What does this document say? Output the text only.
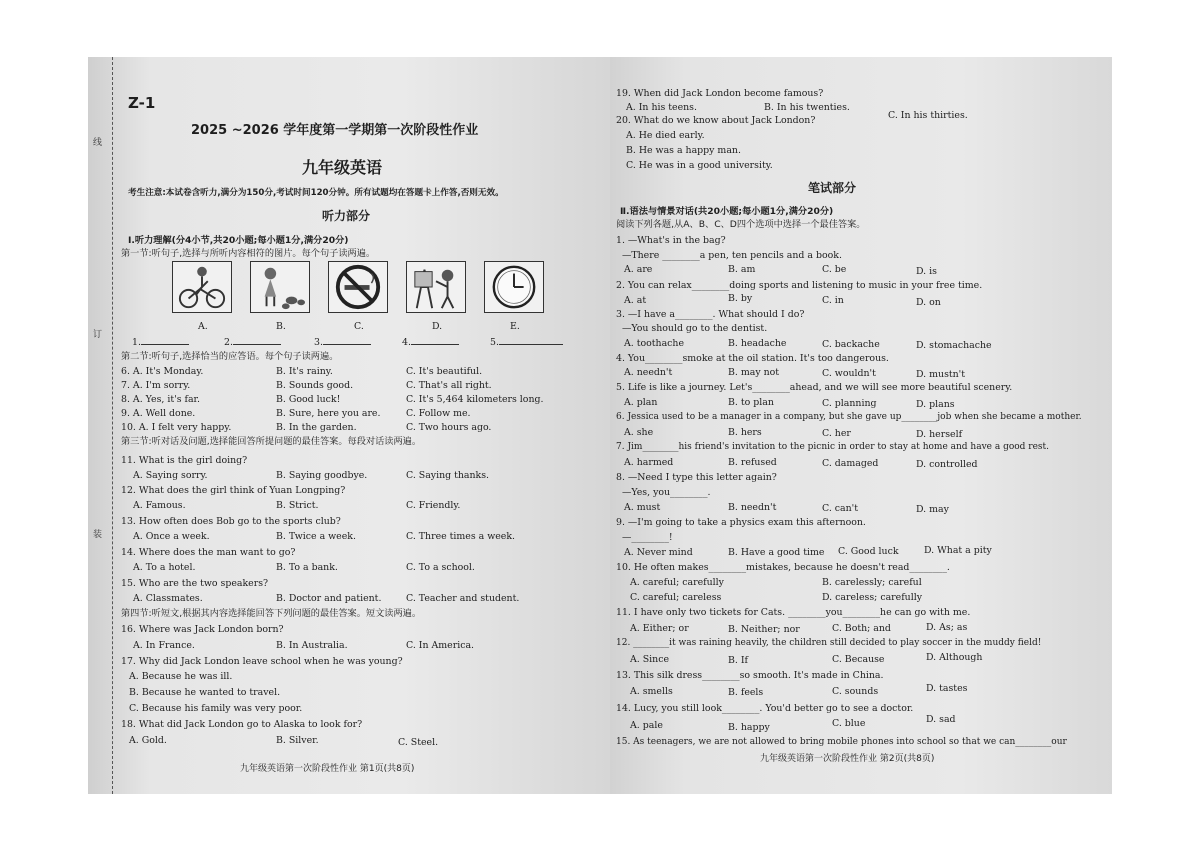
线
订
装
Z-1
2025 ~2026 学年度第一学期第一次阶段性作业
九年级英语
考生注意:本试卷含听力,满分为150分,考试时间120分钟。所有试题均在答题卡上作答,否则无效。
听力部分
Ⅰ.听力理解(分4小节,共20小题;每小题1分,满分20分)
第一节:听句子,选择与所听内容相符的图片。每个句子读两遍。
A.	B.	C.	D.	E.
1.	2.	3.	4.	5.
第二节:听句子,选择恰当的应答语。每个句子读两遍。
6. A. It's Monday.	B. It's rainy.	C. It's beautiful.
7. A. I'm sorry.	B. Sounds good.	C. That's all right.
8. A. Yes, it's far.	B. Good luck!	C. It's 5,464 kilometers long.
9. A. Well done.	B. Sure, here you are.	C. Follow me.
10. A. I felt very happy.	B. In the garden.	C. Two hours ago.
第三节:听对话及问题,选择能回答所提问题的最佳答案。每段对话读两遍。
11. What is the girl doing?
A. Saying sorry.	B. Saying goodbye.	C. Saying thanks.
12. What does the girl think of Yuan Longping?
A. Famous.	B. Strict.	C. Friendly.
13. How often does Bob go to the sports club?
A. Once a week.	B. Twice a week.	C. Three times a week.
14. Where does the man want to go?
A. To a hotel.	B. To a bank.	C. To a school.
15. Who are the two speakers?
A. Classmates.	B. Doctor and patient.	C. Teacher and student.
第四节:听短文,根据其内容选择能回答下列问题的最佳答案。短文读两遍。
16. Where was Jack London born?
A. In France.	B. In Australia.	C. In America.
17. Why did Jack London leave school when he was young?
A. Because he was ill.
B. Because he wanted to travel.
C. Because his family was very poor.
18. What did Jack London go to Alaska to look for?
A. Gold.	B. Silver.	C. Steel.
九年级英语第一次阶段性作业 第1页(共8页)
19. When did Jack London become famous?
A. In his teens.	B. In his twenties.
C. In his thirties.
20. What do we know about Jack London?
A. He died early.
B. He was a happy man.
C. He was in a good university.
笔试部分
Ⅱ.语法与情景对话(共20小题;每小题1分,满分20分)
阅读下列各题,从A、B、C、D四个选项中选择一个最佳答案。
1. —What's in the bag?
—There ________a pen, ten pencils and a book.
A. are	B. am	C. be	D. is
2. You can relax________doing sports and listening to music in your free time.
A. at	B. by	C. in	D. on
3. —I have a________. What should I do?
—You should go to the dentist.
A. toothache	B. headache	C. backache	D. stomachache
4. You________smoke at the oil station. It's too dangerous.
A. needn't	B. may not	C. wouldn't	D. mustn't
5. Life is like a journey. Let's________ahead, and we will see more beautiful scenery.
A. plan	B. to plan	C. planning	D. plans
6. Jessica used to be a manager in a company, but she gave up________job when she became a mother.
A. she	B. hers	C. her	D. herself
7. Jim________his friend's invitation to the picnic in order to stay at home and have a good rest.
A. harmed	B. refused	C. damaged	D. controlled
8. —Need I type this letter again?
—Yes, you________.
A. must	B. needn't	C. can't	D. may
9. —I'm going to take a physics exam this afternoon.
—________!
A. Never mind	B. Have a good time C. Good luck	D. What a pity
10. He often makes________mistakes, because he doesn't read________.
A. careful; carefully	B. carelessly; careful
C. careful; careless	D. careless; carefully
11. I have only two tickets for Cats. ________you________he can go with me.
A. Either; or	B. Neither; nor	C. Both; and	D. As; as
12. ________it was raining heavily, the children still decided to play soccer in the muddy field!
A. Since	B. If	C. Because	D. Although
13. This silk dress________so smooth. It's made in China.
A. smells	B. feels	C. sounds	D. tastes
14. Lucy, you still look________. You'd better go to see a doctor.
A. pale	B. happy	C. blue	D. sad
15. As teenagers, we are not allowed to bring mobile phones into school so that we can________our
九年级英语第一次阶段性作业 第2页(共8页)
